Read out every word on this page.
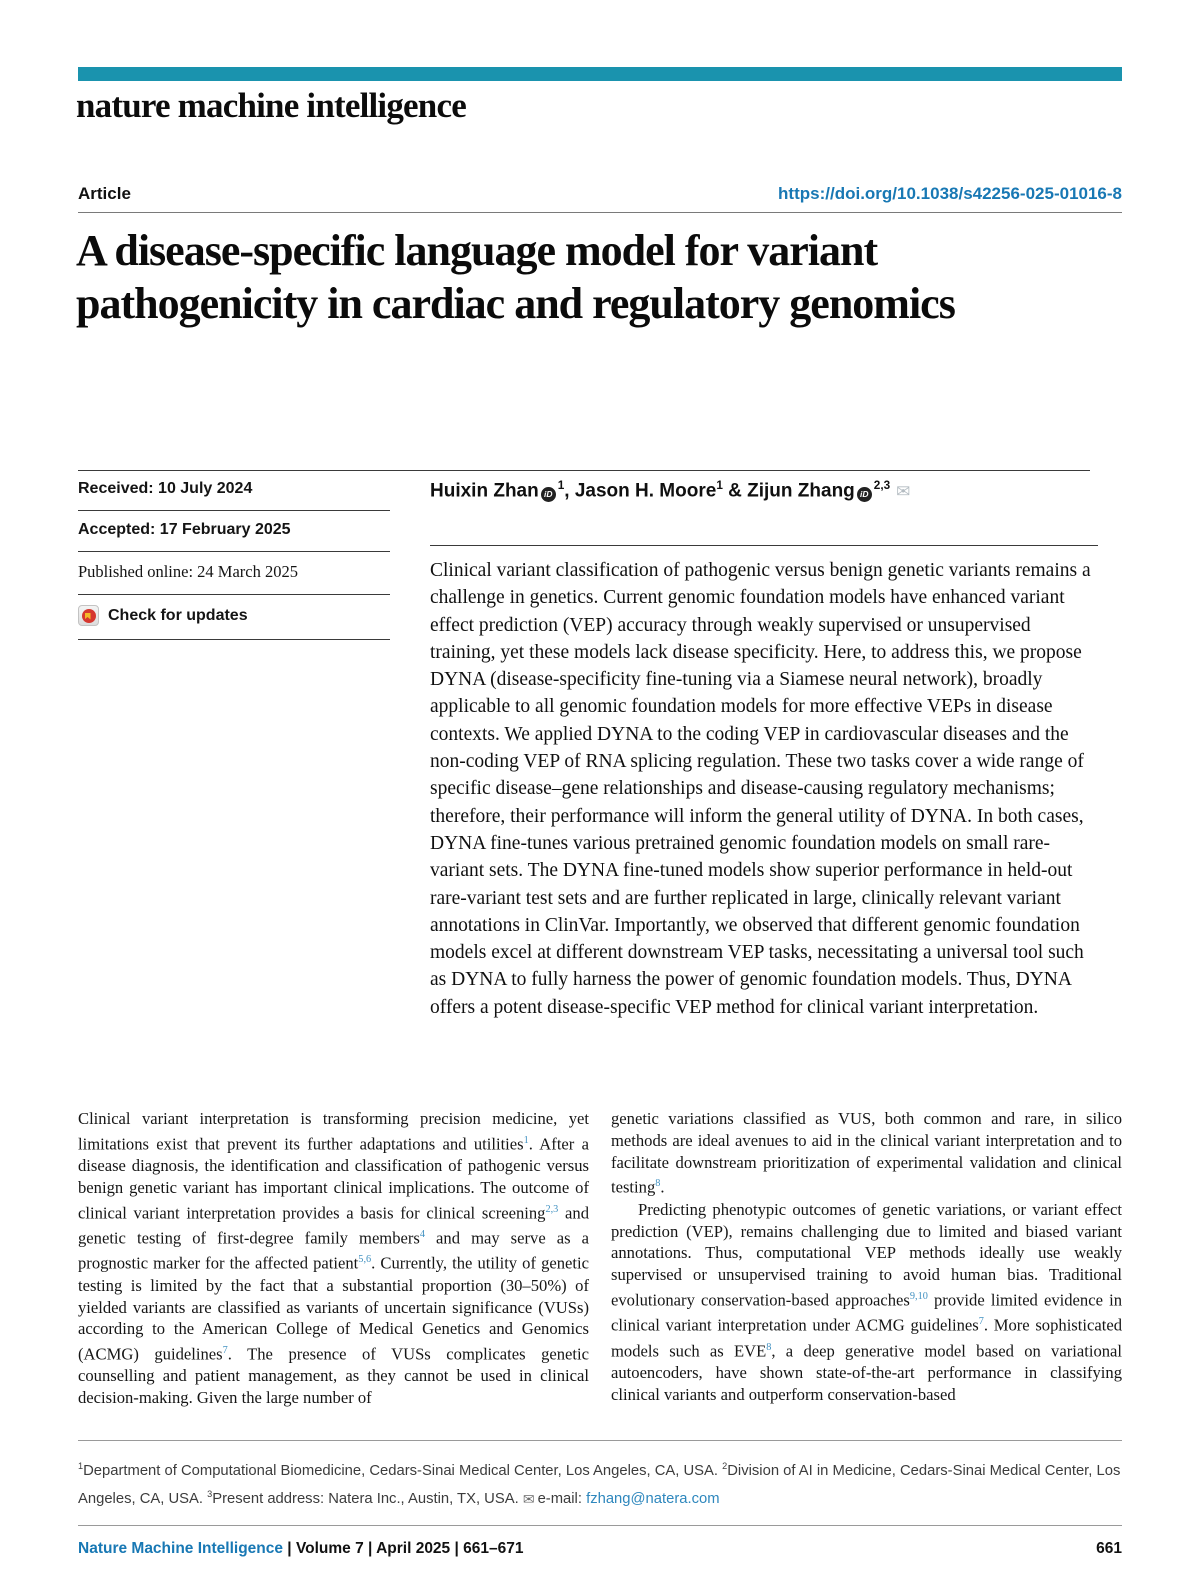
nature machine intelligence
Article	https://doi.org/10.1038/s42256-025-01016-8
A disease-specific language model for variant pathogenicity in cardiac and regulatory genomics
Received: 10 July 2024
Accepted: 17 February 2025
Published online: 24 March 2025
Check for updates
Huixin Zhan iD$^1$, Jason H. Moore$^1$ & Zijun Zhang iD$^{2,3}$ ✉

Clinical variant classification of pathogenic versus benign genetic variants remains a challenge in genetics. Current genomic foundation models have enhanced variant effect prediction (VEP) accuracy through weakly supervised or unsupervised training, yet these models lack disease specificity. Here, to address this, we propose DYNA (disease-specificity fine-tuning via a Siamese neural network), broadly applicable to all genomic foundation models for more effective VEPs in disease contexts. We applied DYNA to the coding VEP in cardiovascular diseases and the non-coding VEP of RNA splicing regulation. These two tasks cover a wide range of specific disease–gene relationships and disease-causing regulatory mechanisms; therefore, their performance will inform the general utility of DYNA. In both cases, DYNA fine-tunes various pretrained genomic foundation models on small rare-variant sets. The DYNA fine-tuned models show superior performance in held-out rare-variant test sets and are further replicated in large, clinically relevant variant annotations in ClinVar. Importantly, we observed that different genomic foundation models excel at different downstream VEP tasks, necessitating a universal tool such as DYNA to fully harness the power of genomic foundation models. Thus, DYNA offers a potent disease-specific VEP method for clinical variant interpretation.

Clinical variant interpretation is transforming precision medicine, yet limitations exist that prevent its further adaptations and utilities$^1$. After a disease diagnosis, the identification and classification of pathogenic versus benign genetic variant has important clinical implications. The outcome of clinical variant interpretation provides a basis for clinical screening$^{2,3}$ and genetic testing of first-degree family members$^4$ and may serve as a prognostic marker for the affected patient$^{5,6}$. Currently, the utility of genetic testing is limited by the fact that a substantial proportion (30–50%) of yielded variants are classified as variants of uncertain significance (VUSs) according to the American College of Medical Genetics and Genomics (ACMG) guidelines$^7$. The presence of VUSs complicates genetic counselling and patient management, as they cannot be used in clinical decision-making. Given the large number of

genetic variations classified as VUS, both common and rare, in silico methods are ideal avenues to aid in the clinical variant interpretation and to facilitate downstream prioritization of experimental validation and clinical testing$^8$.

Predicting phenotypic outcomes of genetic variations, or variant effect prediction (VEP), remains challenging due to limited and biased variant annotations. Thus, computational VEP methods ideally use weakly supervised or unsupervised training to avoid human bias. Traditional evolutionary conservation-based approaches$^{9,10}$ provide limited evidence in clinical variant interpretation under ACMG guidelines$^7$. More sophisticated models such as EVE$^8$, a deep generative model based on variational autoencoders, have shown state-of-the-art performance in classifying clinical variants and outperform conservation-based

$^1$Department of Computational Biomedicine, Cedars-Sinai Medical Center, Los Angeles, CA, USA. $^2$Division of AI in Medicine, Cedars-Sinai Medical Center, Los Angeles, CA, USA. $^3$Present address: Natera Inc., Austin, TX, USA. ✉ e-mail: fzhang@natera.com
Nature Machine Intelligence | Volume 7 | April 2025 | 661–671	661
